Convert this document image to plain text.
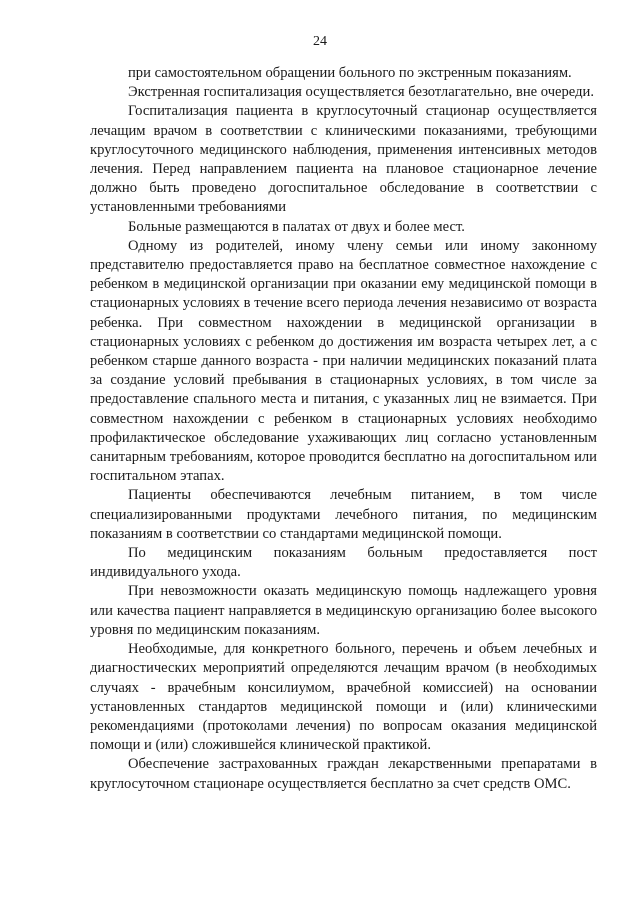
24

при самостоятельном обращении больного по экстренным показаниям.

Экстренная госпитализация осуществляется безотлагательно, вне очереди.

Госпитализация пациента в круглосуточный стационар осуществляется лечащим врачом в соответствии с клиническими показаниями, требующими круглосуточного медицинского наблюдения, применения интенсивных методов лечения. Перед направлением пациента на плановое стационарное лечение должно быть проведено догоспитальное обследование в соответствии с установленными требованиями

Больные размещаются в палатах от двух и более мест.

Одному из родителей, иному члену семьи или иному законному представителю предоставляется право на бесплатное совместное нахождение с ребенком в медицинской организации при оказании ему медицинской помощи в стационарных условиях в течение всего периода лечения независимо от возраста ребенка. При совместном нахождении в медицинской организации в стационарных условиях с ребенком до достижения им возраста четырех лет, а с ребенком старше данного возраста - при наличии медицинских показаний плата за создание условий пребывания в стационарных условиях, в том числе за предоставление спального места и питания, с указанных лиц не взимается. При совместном нахождении с ребенком в стационарных условиях необходимо профилактическое обследование ухаживающих лиц согласно установленным санитарным требованиям, которое проводится бесплатно на догоспитальном или госпитальном этапах.

Пациенты обеспечиваются лечебным питанием, в том числе специализированными продуктами лечебного питания, по медицинским показаниям в соответствии со стандартами медицинской помощи.

По медицинским показаниям больным предоставляется пост индивидуального ухода.

При невозможности оказать медицинскую помощь надлежащего уровня или качества пациент направляется в медицинскую организацию более высокого уровня по медицинским показаниям.

Необходимые, для конкретного больного, перечень и объем лечебных и диагностических мероприятий определяются лечащим врачом (в необходимых случаях - врачебным консилиумом, врачебной комиссией) на основании установленных стандартов медицинской помощи и (или) клиническими рекомендациями (протоколами лечения) по вопросам оказания медицинской помощи и (или) сложившейся клинической практикой.

Обеспечение застрахованных граждан лекарственными препаратами в круглосуточном стационаре осуществляется бесплатно за счет средств ОМС.
